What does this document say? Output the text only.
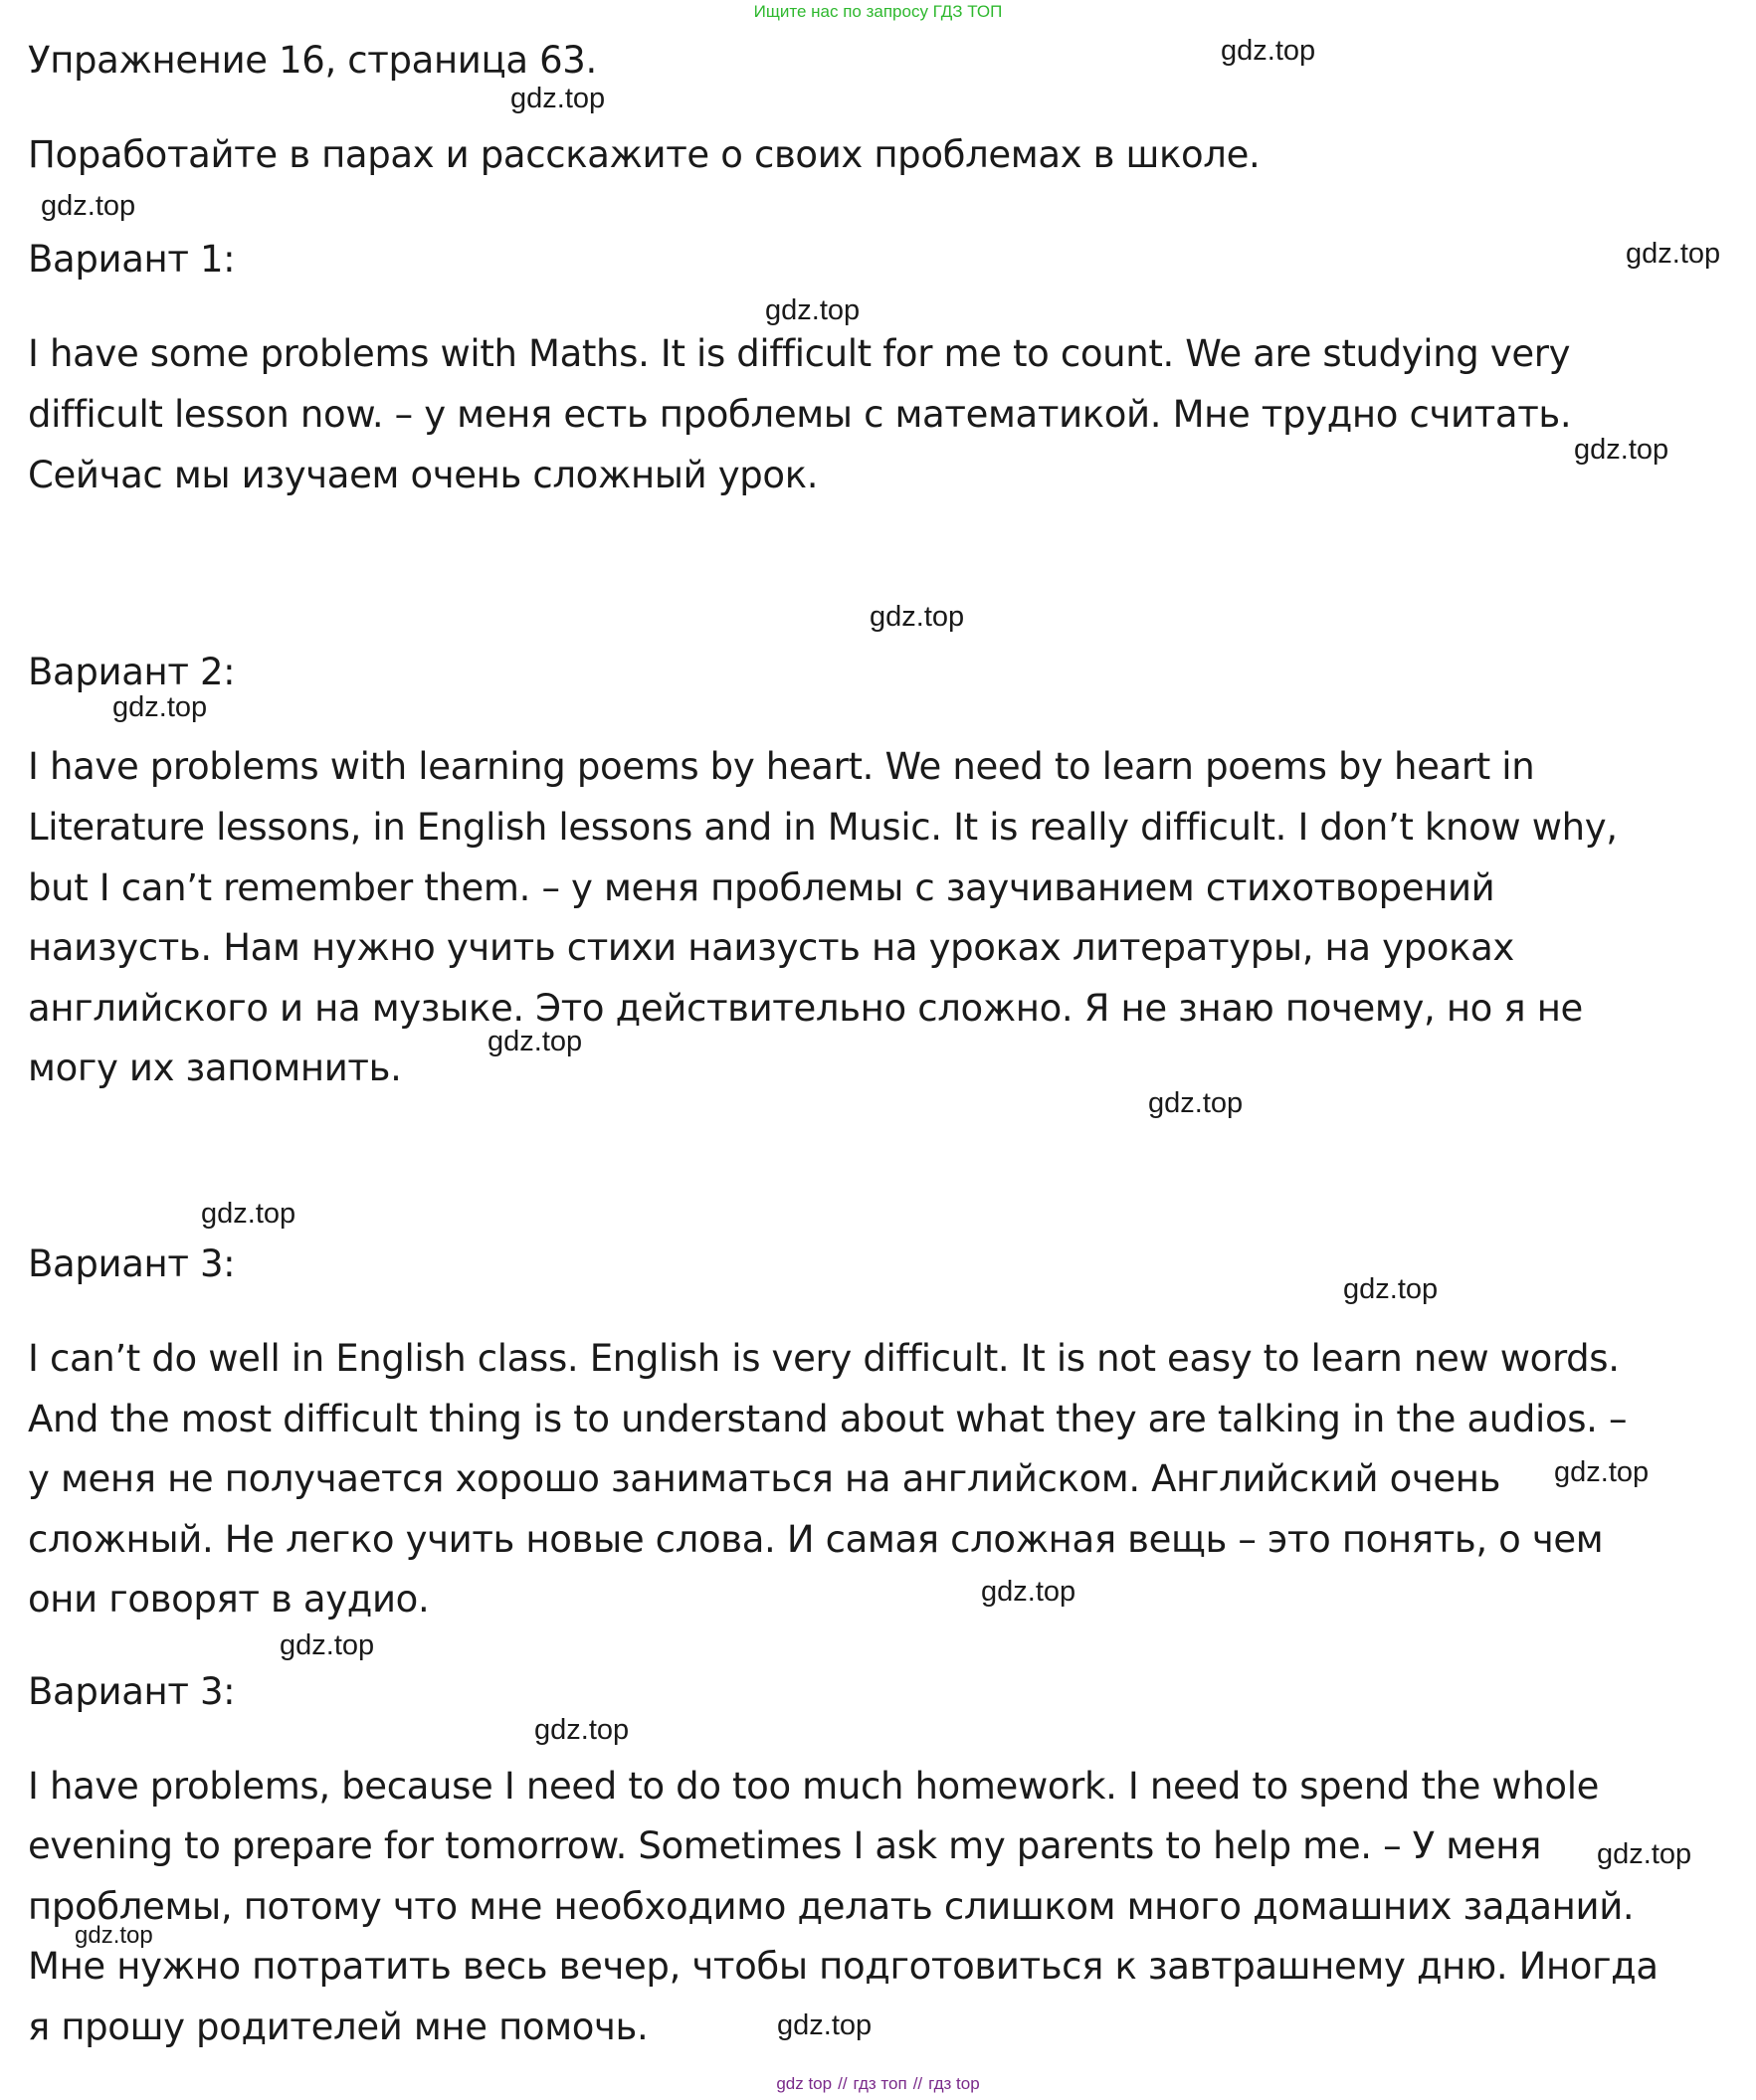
Ищите нас по запросу ГДЗ ТОП
Упражнение 16, страница 63.
Поработайте в парах и расскажите о своих проблемах в школе.
Вариант 1:
I have some problems with Maths. It is difficult for me to count. We are studying very
difficult lesson now. – у меня есть проблемы с математикой. Мне трудно считать.
Сейчас мы изучаем очень сложный урок.
Вариант 2:
I have problems with learning poems by heart. We need to learn poems by heart in
Literature lessons, in English lessons and in Music. It is really difficult. I don’t know why,
but I can’t remember them. – у меня проблемы с заучиванием стихотворений
наизусть. Нам нужно учить стихи наизусть на уроках литературы, на уроках
английского и на музыке. Это действительно сложно. Я не знаю почему, но я не
могу их запомнить.
Вариант 3:
I can’t do well in English class. English is very difficult. It is not easy to learn new words.
And the most difficult thing is to understand about what they are talking in the audios. –
у меня не получается хорошо заниматься на английском. Английский очень
сложный. Не легко учить новые слова. И самая сложная вещь – это понять, о чем
они говорят в аудио.
Вариант 3:
I have problems, because I need to do too much homework. I need to spend the whole
evening to prepare for tomorrow. Sometimes I ask my parents to help me. – У меня
проблемы, потому что мне необходимо делать слишком много домашних заданий.
Мне нужно потратить весь вечер, чтобы подготовиться к завтрашнему дню. Иногда
я прошу родителей мне помочь.
gdz.top
gdz.top
gdz.top
gdz.top
gdz.top
gdz.top
gdz.top
gdz.top
gdz.top
gdz.top
gdz.top
gdz.top
gdz.top
gdz.top
gdz.top
gdz.top
gdz.top
gdz.top
gdz.top
gdz top // гдз топ // гдз top
